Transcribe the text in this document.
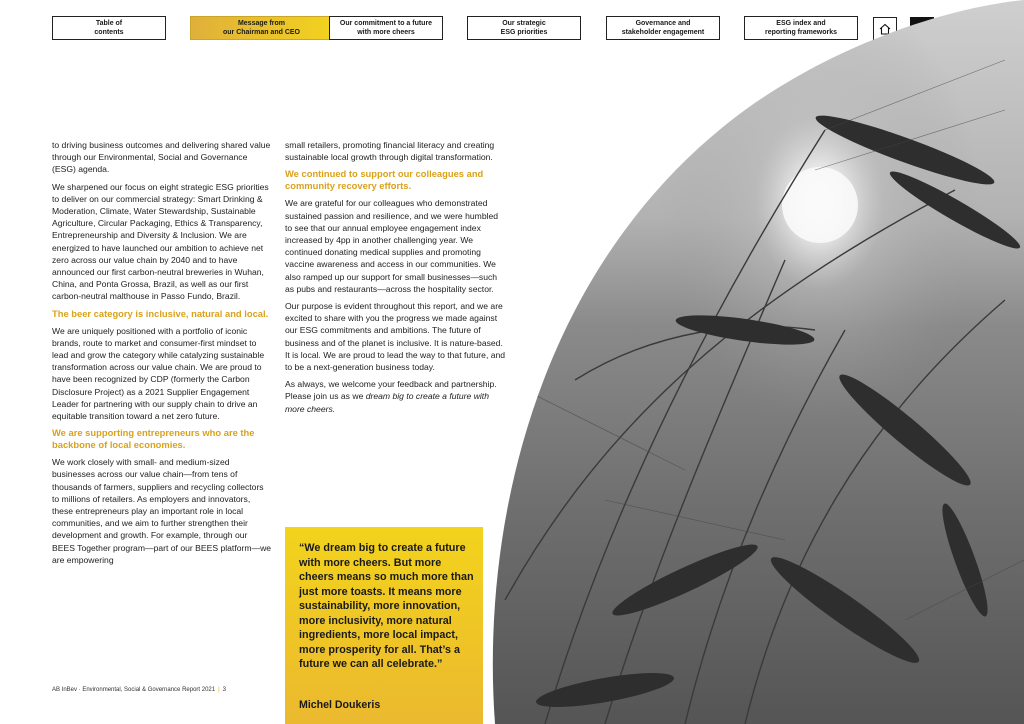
Table of
contents
Message from
our Chairman and CEO
Our commitment to a future
with more cheers
Our strategic
ESG priorities
Governance and
stakeholder engagement
ESG index and
reporting frameworks

to driving business outcomes and delivering shared value through our Environmental, Social and Governance (ESG) agenda.

We sharpened our focus on eight strategic ESG priorities to deliver on our commercial strategy: Smart Drinking & Moderation, Climate, Water Stewardship, Sustainable Agriculture, Circular Packaging, Ethics & Transparency, Entrepreneurship and Diversity & Inclusion. We are energized to have launched our ambition to achieve net zero across our value chain by 2040 and to have announced our first carbon-neutral breweries in Wuhan, China, and Ponta Grossa, Brazil, as well as our first carbon-neutral malthouse in Passo Fundo, Brazil.

The beer category is inclusive, natural and local.

We are uniquely positioned with a portfolio of iconic brands, route to market and consumer-first mindset to lead and grow the category while catalyzing sustainable transformation across our value chain. We are proud to have been recognized by CDP (formerly the Carbon Disclosure Project) as a 2021 Supplier Engagement Leader for partnering with our supply chain to drive an equitable transition toward a net zero future.

We are supporting entrepreneurs who are the backbone of local economies.

We work closely with small- and medium-sized businesses across our value chain—from tens of thousands of farmers, suppliers and recycling collectors to millions of retailers. As employers and innovators, these entrepreneurs play an important role in local communities, and we aim to further strengthen their development and growth. For example, through our BEES Together program—part of our BEES platform—we are empowering

small retailers, promoting financial literacy and creating sustainable local growth through digital transformation.

We continued to support our colleagues and community recovery efforts.

We are grateful for our colleagues who demonstrated sustained passion and resilience, and we were humbled to see that our annual employee engagement index increased by 4pp in another challenging year. We continued donating medical supplies and promoting vaccine awareness and access in our communities. We also ramped up our support for small businesses—such as pubs and restaurants—across the hospitality sector.

Our purpose is evident throughout this report, and we are excited to share with you the progress we made against our ESG commitments and ambitions. The future of business and of the planet is inclusive. It is nature-based. It is local. We are proud to lead the way to that future, and to be a next-generation business today.

As always, we welcome your feedback and partnership. Please join us as we dream big to create a future with more cheers.

“We dream big to create a future with more cheers. But more cheers means so much more than just more toasts. It means more sustainability, more innovation, more inclusivity, more natural ingredients, more local impact, more prosperity for all. That’s a future we can all celebrate.”
Michel Doukeris
AB InBev · Environmental, Social & Governance Report 2021 | 3
